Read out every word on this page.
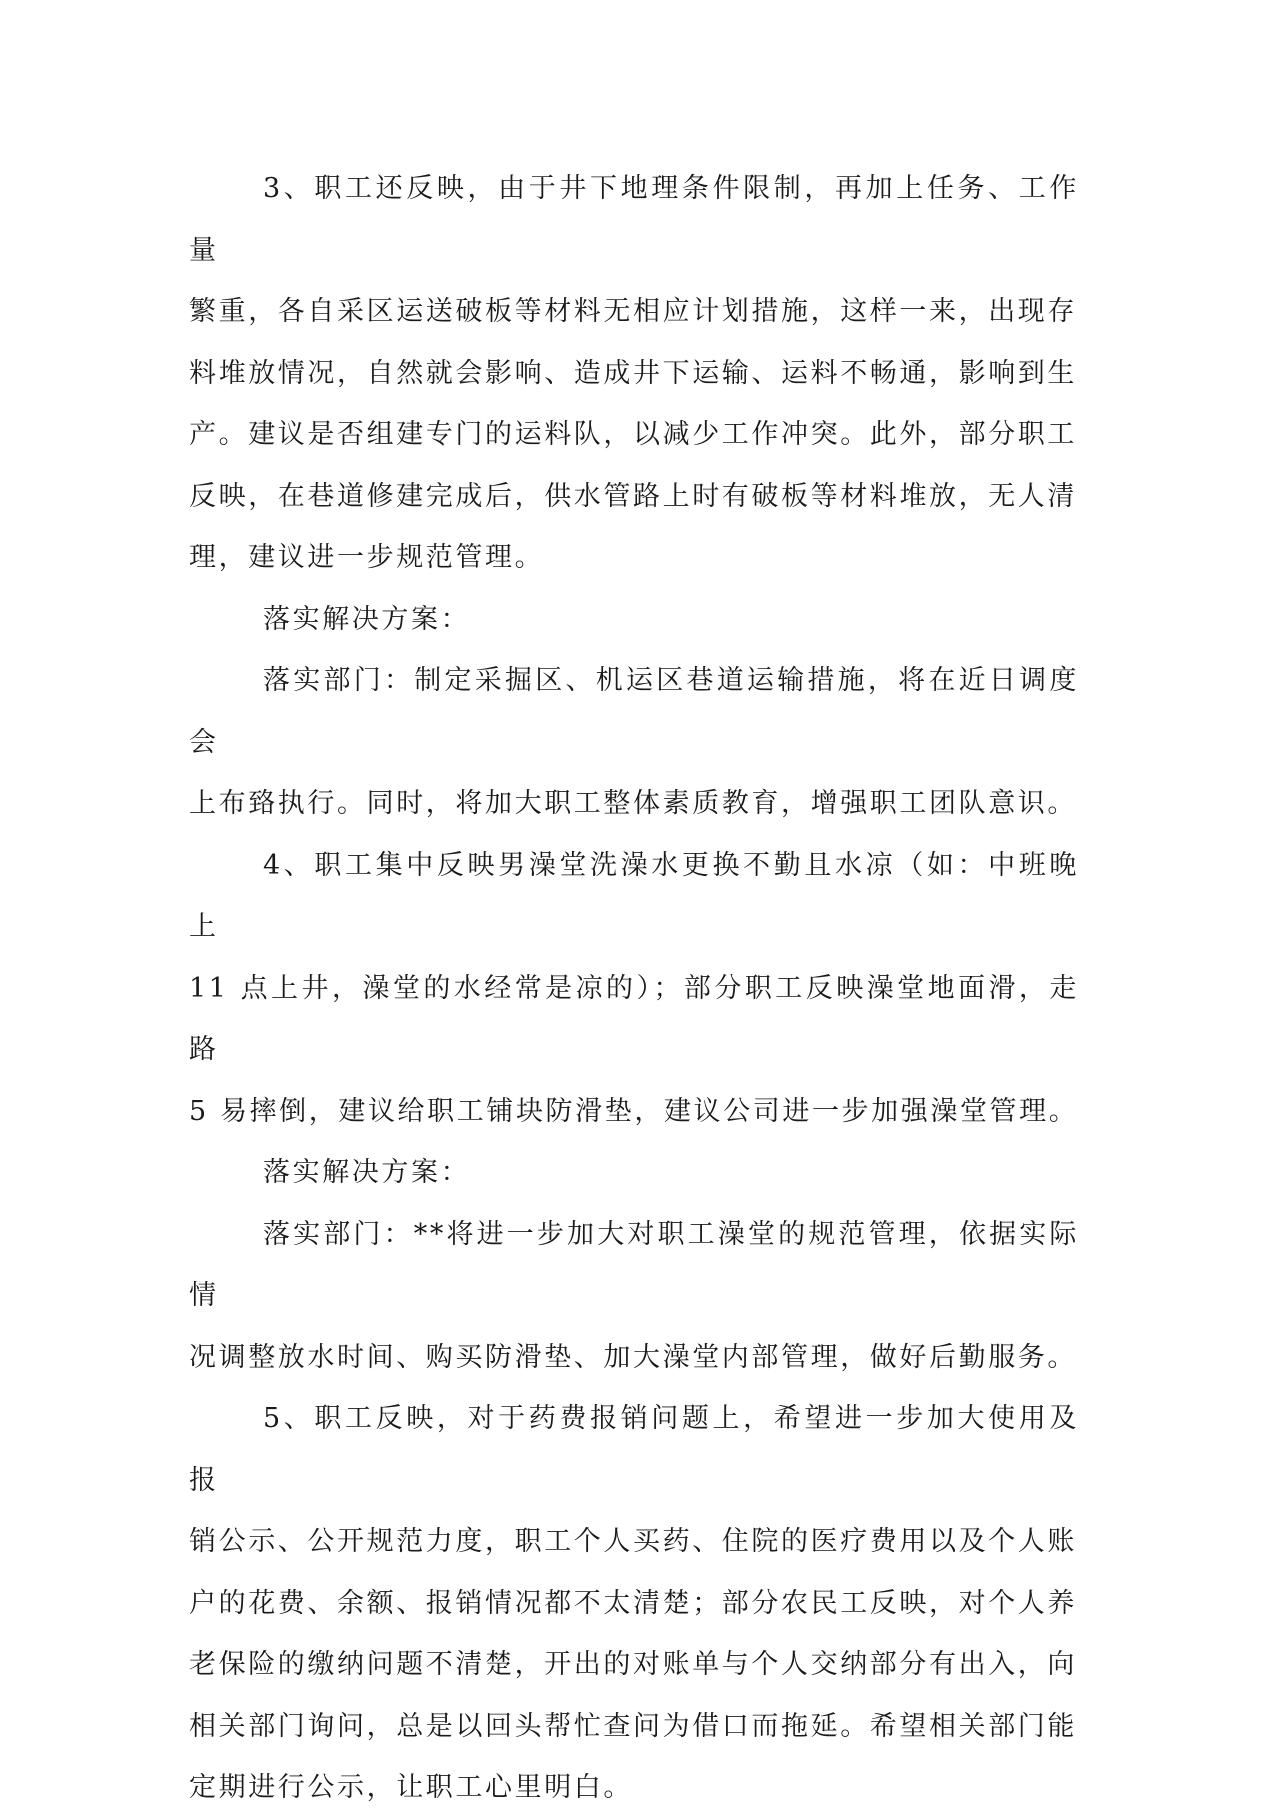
3、职工还反映，由于井下地理条件限制，再加上任务、工作量
繁重，各自采区运送破板等材料无相应计划措施，这样一来，出现存
料堆放情况，自然就会影响、造成井下运输、运料不畅通，影响到生
产。建议是否组建专门的运料队，以减少工作冲突。此外，部分职工
反映，在巷道修建完成后，供水管路上时有破板等材料堆放，无人清
理，建议进一步规范管理。

落实解决方案：

落实部门：制定采掘区、机运区巷道运输措施，将在近日调度会
上布臵执行。同时，将加大职工整体素质教育，增强职工团队意识。

4、职工集中反映男澡堂洗澡水更换不勤且水凉（如：中班晚上
11 点上井，澡堂的水经常是凉的）；部分职工反映澡堂地面滑，走路
5 易摔倒，建议给职工铺块防滑垫，建议公司进一步加强澡堂管理。

落实解决方案：

落实部门：**将进一步加大对职工澡堂的规范管理，依据实际情
况调整放水时间、购买防滑垫、加大澡堂内部管理，做好后勤服务。

5、职工反映，对于药费报销问题上，希望进一步加大使用及报
销公示、公开规范力度，职工个人买药、住院的医疗费用以及个人账
户的花费、余额、报销情况都不太清楚；部分农民工反映，对个人养
老保险的缴纳问题不清楚，开出的对账单与个人交纳部分有出入，向
相关部门询问，总是以回头帮忙查问为借口而拖延。希望相关部门能
定期进行公示，让职工心里明白。
